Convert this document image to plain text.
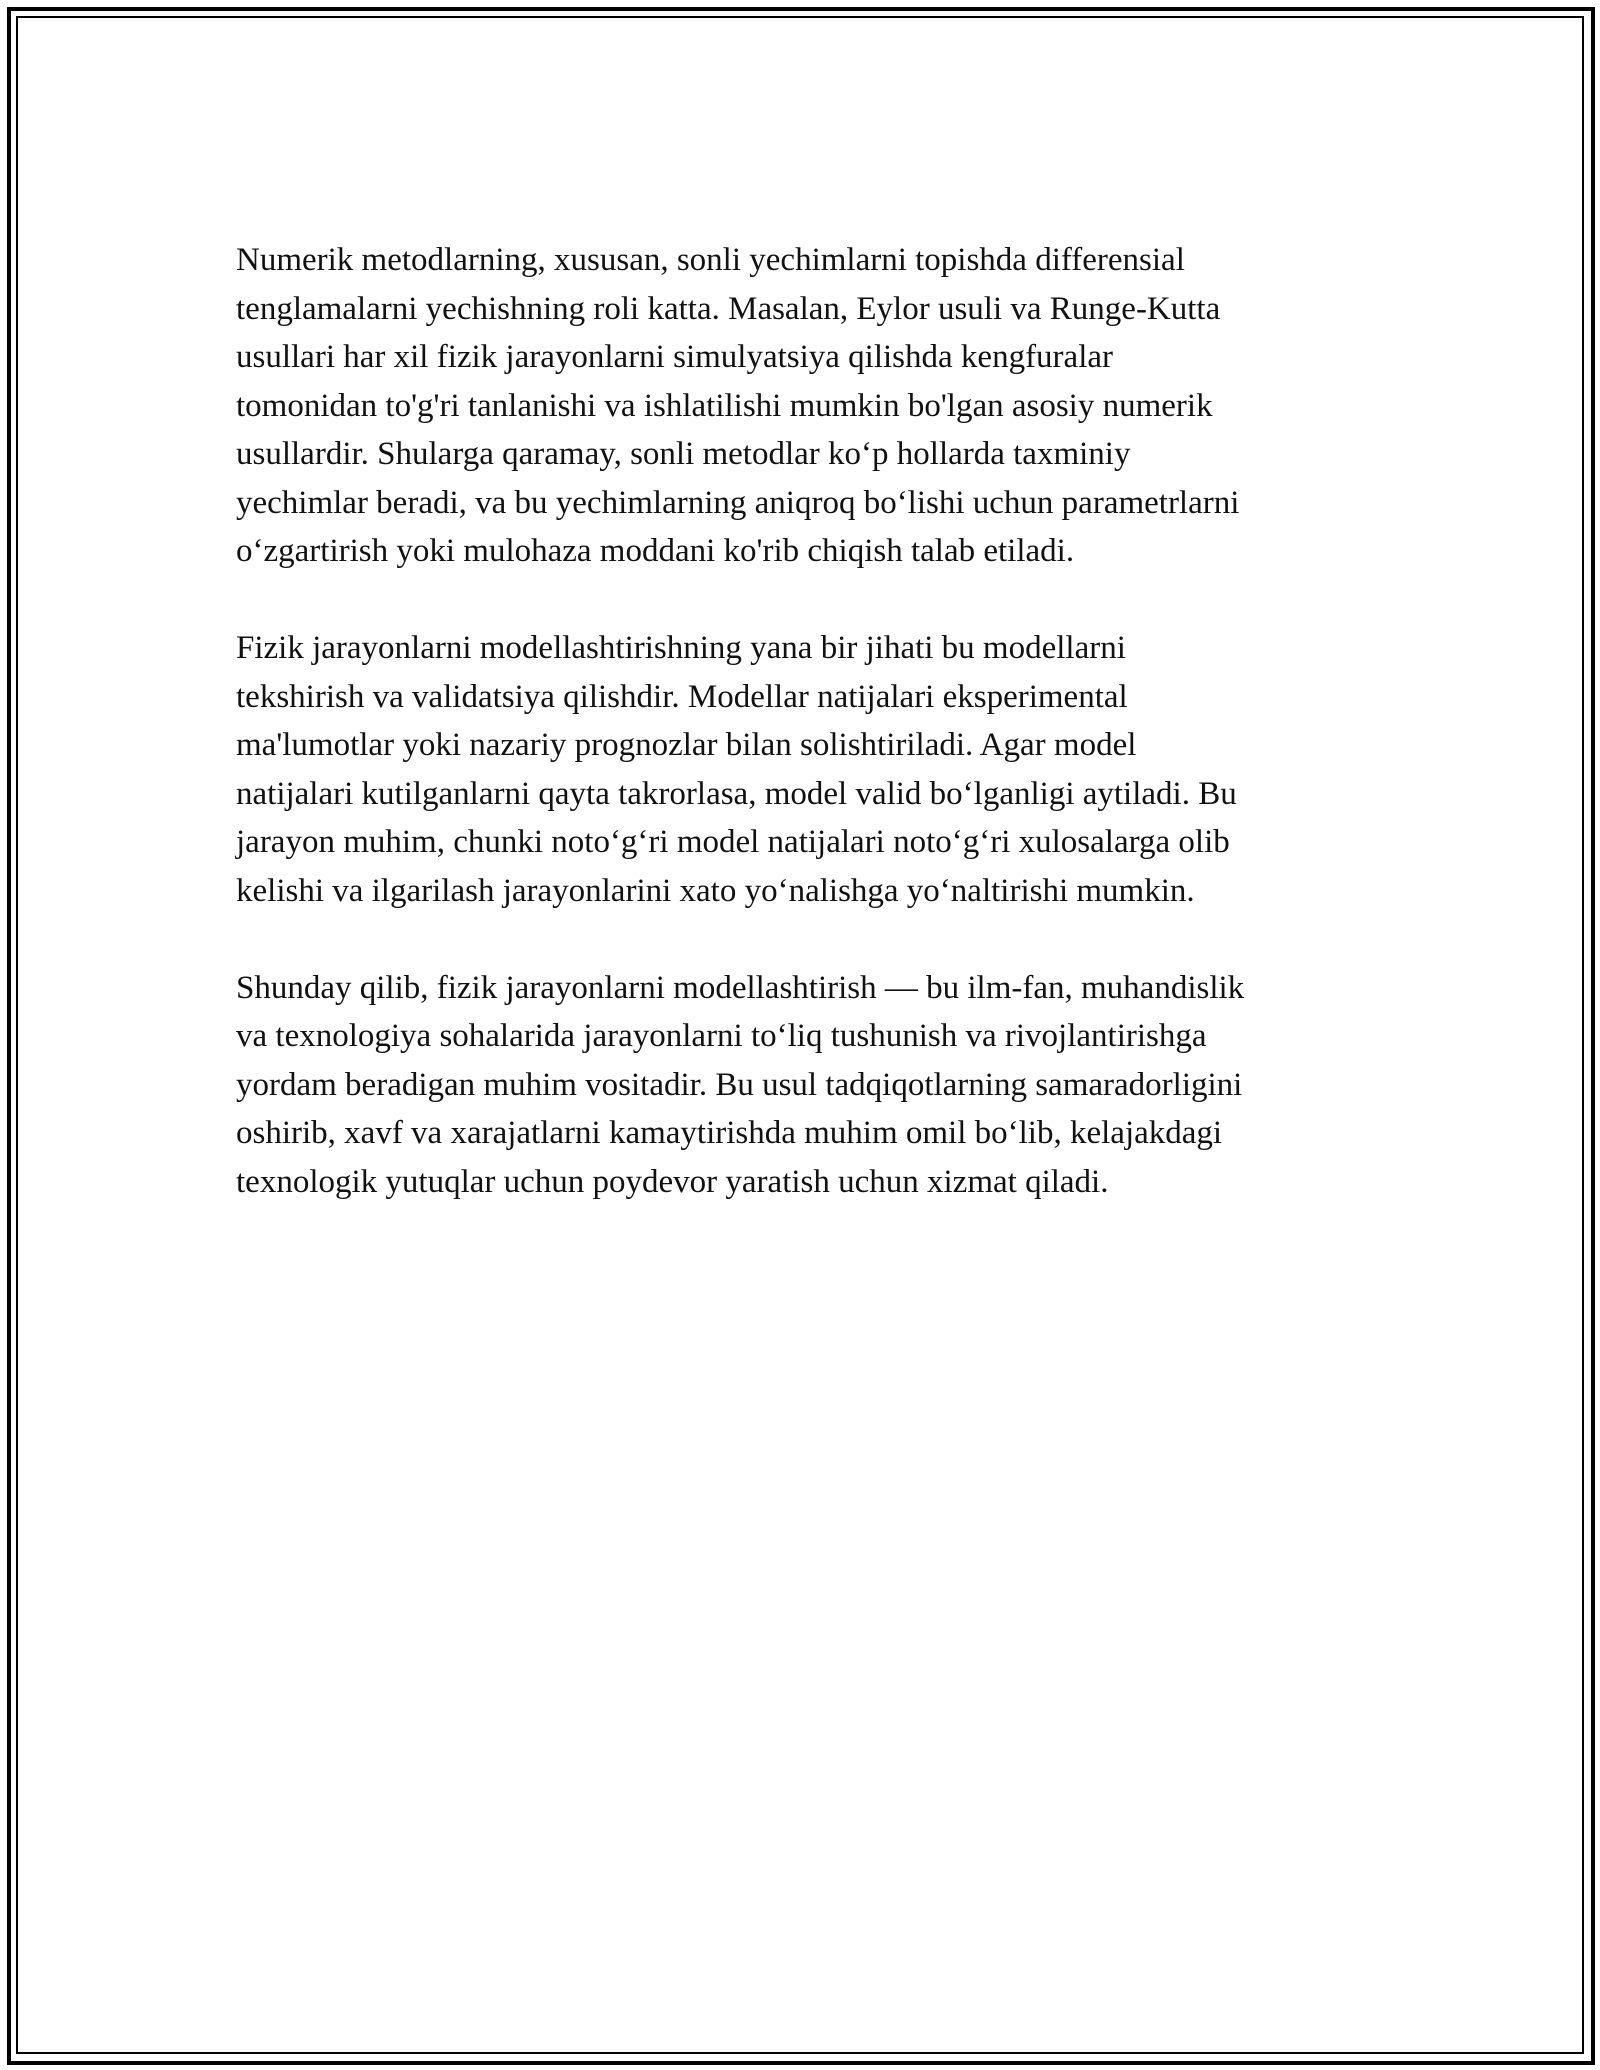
Numerik metodlarning, xususan, sonli yechimlarni topishda differensial
tenglamalarni yechishning roli katta. Masalan, Eylor usuli va Runge-Kutta
usullari har xil fizik jarayonlarni simulyatsiya qilishda kengfuralar
tomonidan to'g'ri tanlanishi va ishlatilishi mumkin bo'lgan asosiy numerik
usullardir. Shularga qaramay, sonli metodlar ko‘p hollarda taxminiy
yechimlar beradi, va bu yechimlarning aniqroq bo‘lishi uchun parametrlarni
o‘zgartirish yoki mulohaza moddani ko'rib chiqish talab etiladi.

Fizik jarayonlarni modellashtirishning yana bir jihati bu modellarni
tekshirish va validatsiya qilishdir. Modellar natijalari eksperimental
ma'lumotlar yoki nazariy prognozlar bilan solishtiriladi. Agar model
natijalari kutilganlarni qayta takrorlasa, model valid bo‘lganligi aytiladi. Bu
jarayon muhim, chunki noto‘g‘ri model natijalari noto‘g‘ri xulosalarga olib
kelishi va ilgarilash jarayonlarini xato yo‘nalishga yo‘naltirishi mumkin.

Shunday qilib, fizik jarayonlarni modellashtirish — bu ilm-fan, muhandislik
va texnologiya sohalarida jarayonlarni to‘liq tushunish va rivojlantirishga
yordam beradigan muhim vositadir. Bu usul tadqiqotlarning samaradorligini
oshirib, xavf va xarajatlarni kamaytirishda muhim omil bo‘lib, kelajakdagi
texnologik yutuqlar uchun poydevor yaratish uchun xizmat qiladi.
